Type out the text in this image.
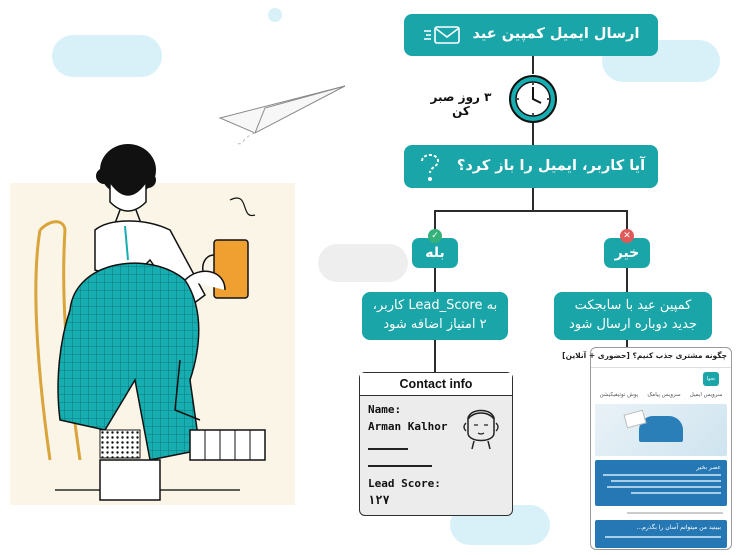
ارسال ایمیل کمپین عید
۳ روز صبر کن
آیا کاربر، ایمیل را باز کرد؟
بله
✓
خیر
✕
به Lead_Score کاربر،
۲ امتیاز اضافه شود
کمپین عید با سابجکت
جدید دوباره ارسال شود
Contact info
Name:
Arman Kalhor
Lead Score:
۱۲۷
چگونه مشتری جذب کنیم؟ [حضوری + آنلاین]
نجوا
سرویس ایمیل
سرویس پیامک
پوش نوتیفیکیشن
عصر بخیر
ببینید من میتوانم آسان را بگذرم...
